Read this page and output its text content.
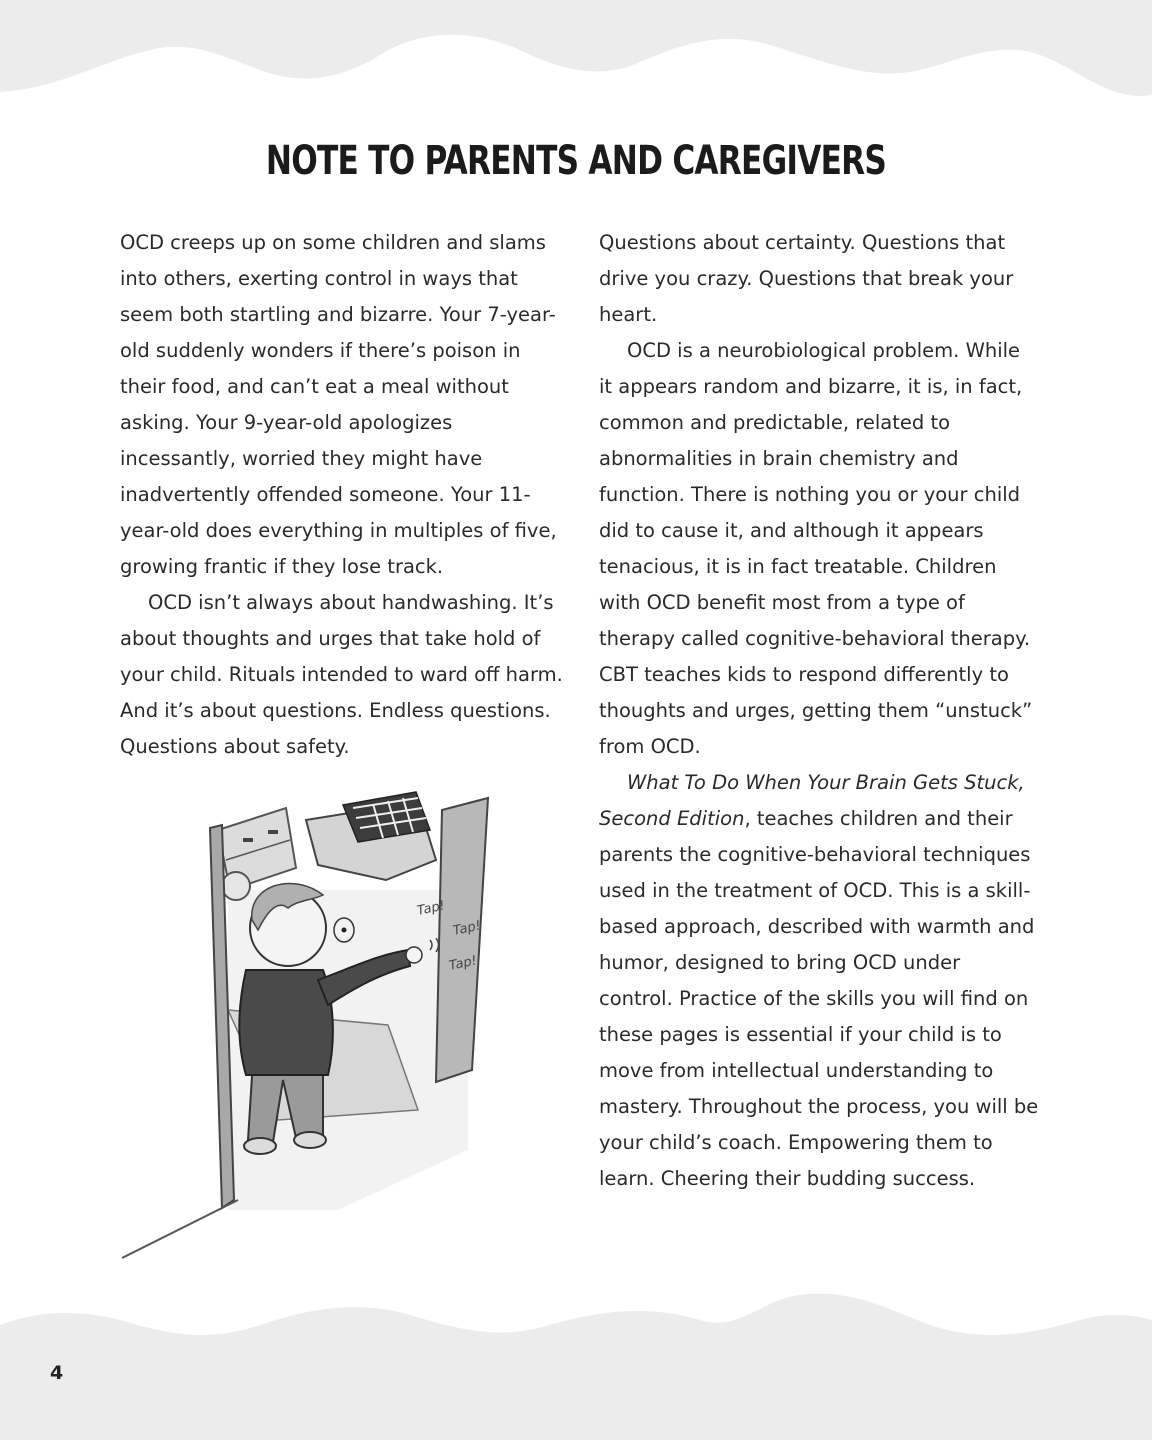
NOTE TO PARENTS AND CAREGIVERS

OCD creeps up on some children and slams into others, exerting control in ways that seem both startling and bizarre. Your 7-year-old suddenly wonders if there’s poison in their food, and can’t eat a meal without asking. Your 9-year-old apologizes incessantly, worried they might have inadvertently offended someone. Your 11-year-old does everything in multiples of five, growing frantic if they lose track.

OCD isn’t always about handwashing. It’s about thoughts and urges that take hold of your child. Rituals intended to ward off harm. And it’s about questions. Endless questions. Questions about safety.

Questions about certainty. Questions that drive you crazy. Questions that break your heart.

OCD is a neurobiological problem. While it appears random and bizarre, it is, in fact, common and predictable, related to abnormalities in brain chemistry and function. There is nothing you or your child did to cause it, and although it appears tenacious, it is in fact treatable. Children with OCD benefit most from a type of therapy called cognitive-behavioral therapy. CBT teaches kids to respond differently to thoughts and urges, getting them “unstuck” from OCD.

What To Do When Your Brain Gets Stuck, Second Edition, teaches children and their parents the cognitive-behavioral techniques used in the treatment of OCD. This is a skill-based approach, described with warmth and humor, designed to bring OCD under control. Practice of the skills you will find on these pages is essential if your child is to move from intellectual understanding to mastery. Throughout the process, you will be your child’s coach. Empowering them to learn. Cheering their budding success.

Tap!
Tap!
Tap!
4
